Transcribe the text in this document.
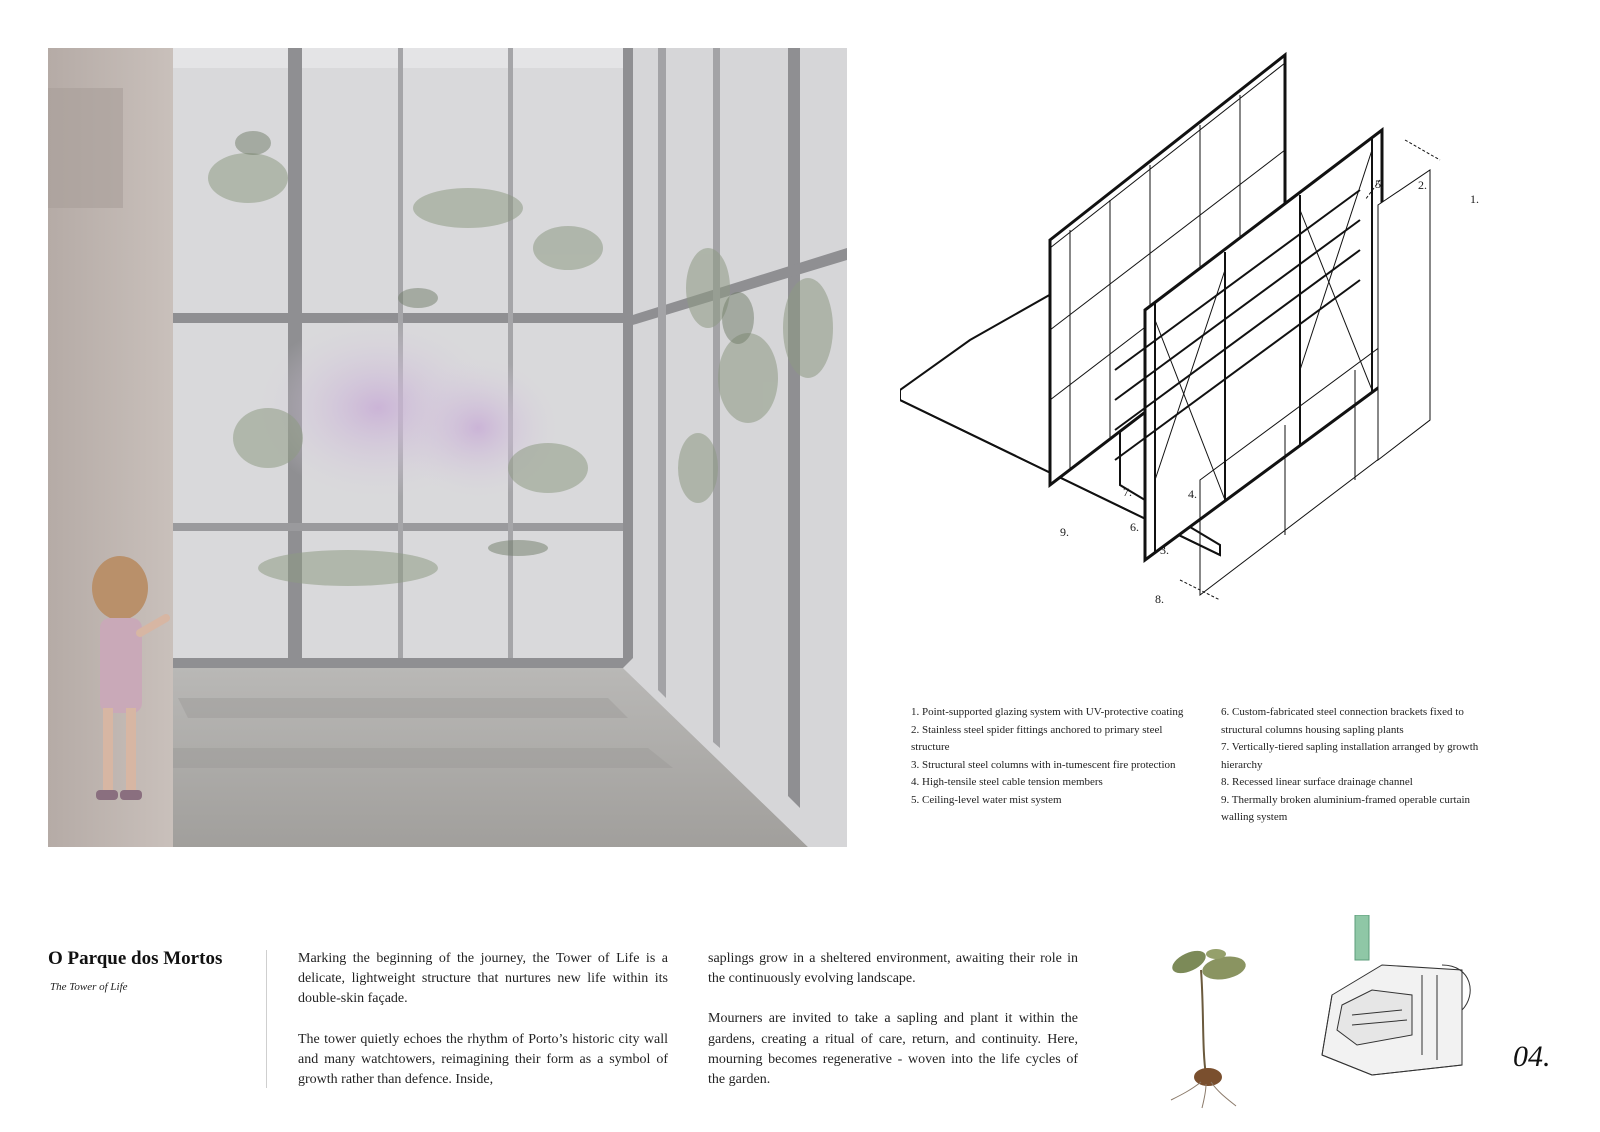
1.
2.
3.
4.
5.
6.
7.
8.
9.
1. Point-supported glazing system with UV-protective coating
2. Stainless steel spider fittings anchored to primary steel structure
3. Structural steel columns with in-tumescent fire protection
4. High-tensile steel cable tension members
5. Ceiling-level water mist system
6. Custom-fabricated steel connection brackets fixed to structural columns housing sapling plants
7. Vertically-tiered sapling installation arranged by growth hierarchy
8. Recessed linear surface drainage channel
9. Thermally broken aluminium-framed operable curtain walling system
O Parque dos Mortos
The Tower of Life

Marking the beginning of the journey, the Tower of Life is a delicate, lightweight structure that nurtures new life within its double-skin façade.

The tower quietly echoes the rhythm of Porto’s historic city wall and many watchtowers, reimagining their form as a symbol of growth rather than defence. Inside,

saplings grow in a sheltered environment, awaiting their role in the continuously evolving landscape.

Mourners are invited to take a sapling and plant it within the gardens, creating a ritual of care, return, and continuity. Here, mourning becomes regenerative - woven into the life cycles of the garden.

04.
